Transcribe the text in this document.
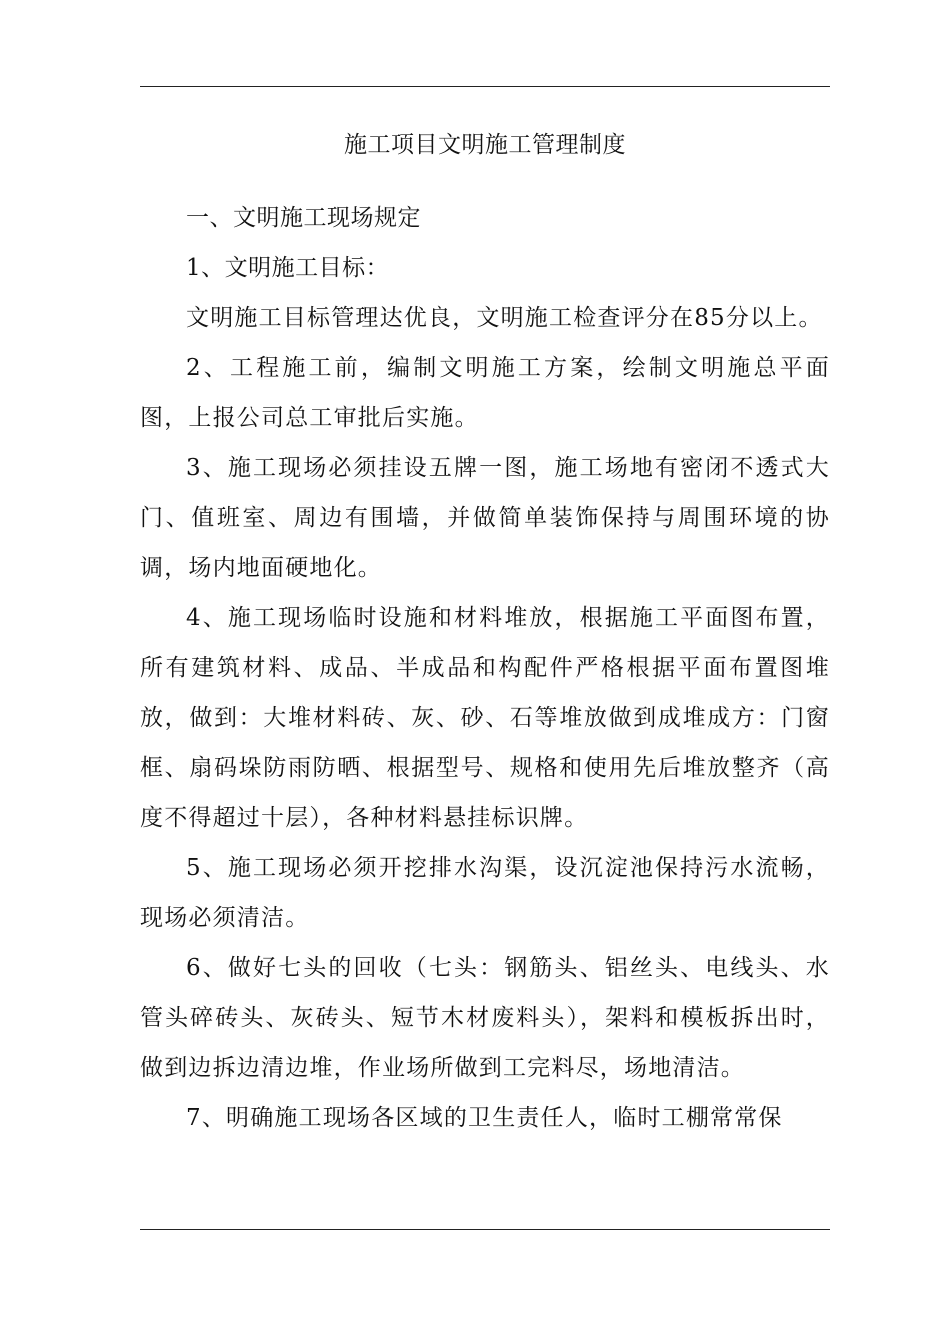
施工项目文明施工管理制度

一、文明施工现场规定

1、文明施工目标：

文明施工目标管理达优良，文明施工检查评分在85分以上。

2、工程施工前，编制文明施工方案，绘制文明施总平面图，上报公司总工审批后实施。

3、施工现场必须挂设五牌一图，施工场地有密闭不透式大门、值班室、周边有围墙，并做简单装饰保持与周围环境的协调，场内地面硬地化。

4、施工现场临时设施和材料堆放，根据施工平面图布置，所有建筑材料、成品、半成品和构配件严格根据平面布置图堆放，做到：大堆材料砖、灰、砂、石等堆放做到成堆成方：门窗框、扇码垛防雨防晒、根据型号、规格和使用先后堆放整齐（高度不得超过十层），各种材料悬挂标识牌。

5、施工现场必须开挖排水沟渠，设沉淀池保持污水流畅，现场必须清洁。

6、做好七头的回收（七头：钢筋头、铝丝头、电线头、水管头碎砖头、灰砖头、短节木材废料头），架料和模板拆出时，做到边拆边清边堆，作业场所做到工完料尽，场地清洁。

7、明确施工现场各区域的卫生责任人，临时工棚常常保
